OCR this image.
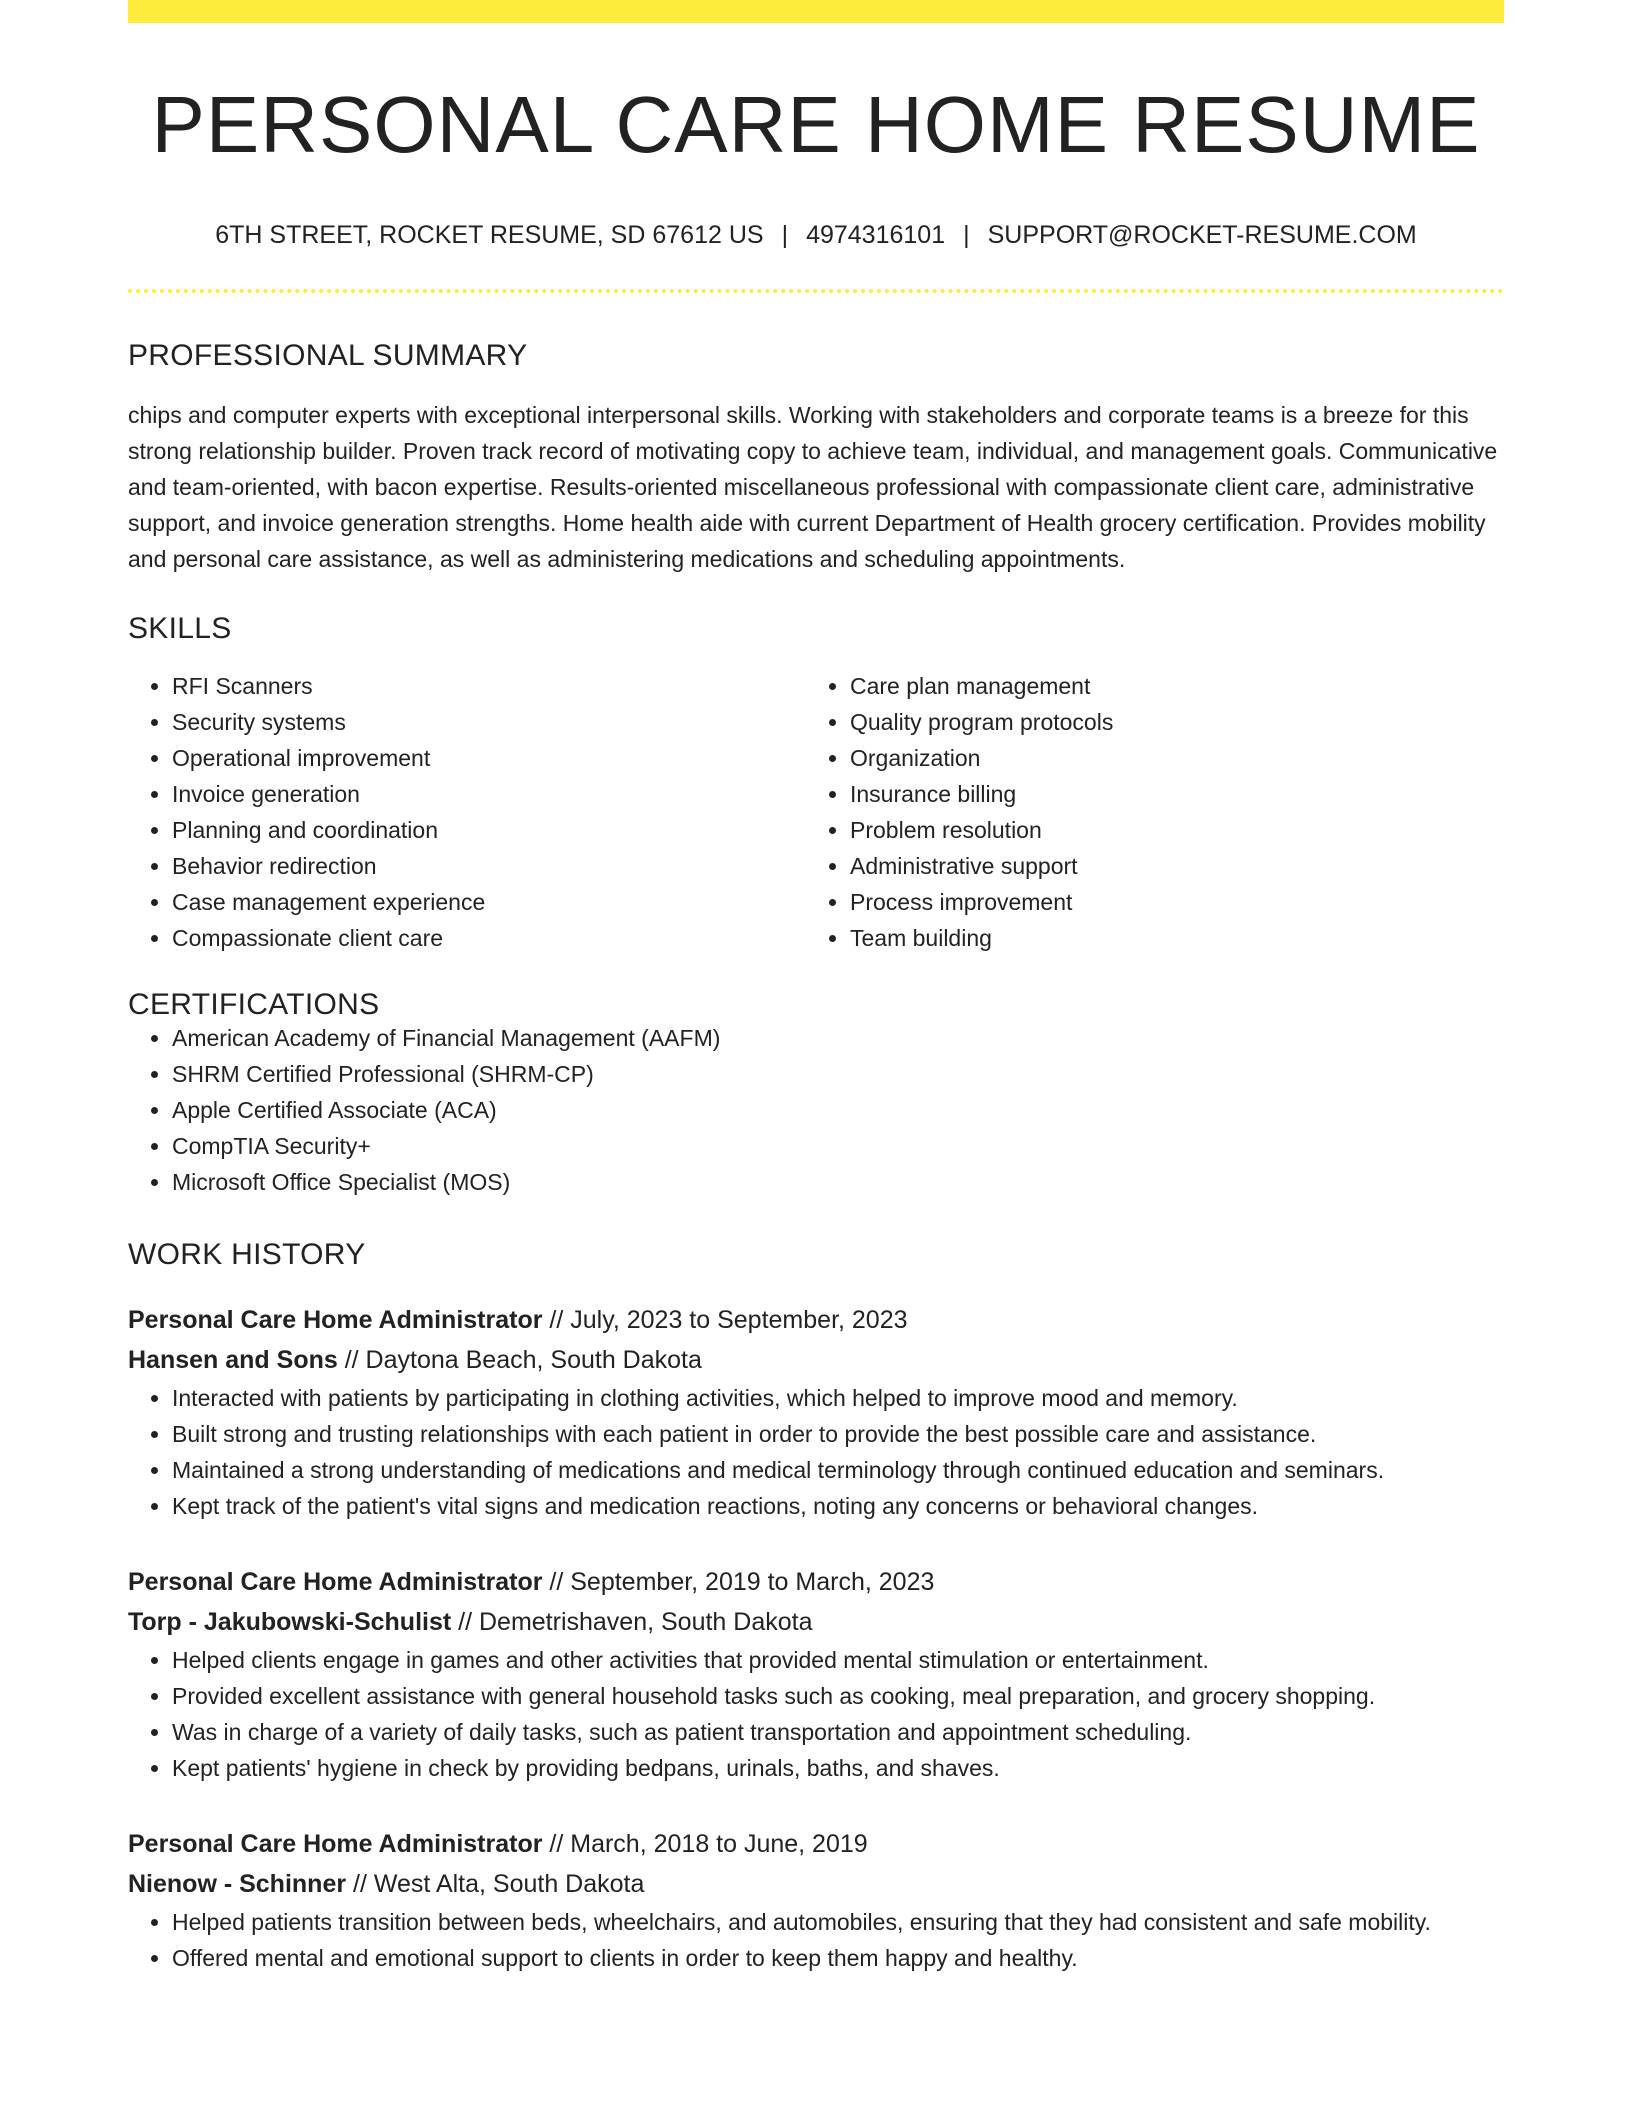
PERSONAL CARE HOME RESUME
6TH STREET, ROCKET RESUME, SD 67612 US | 4974316101 | SUPPORT@ROCKET-RESUME.COM
PROFESSIONAL SUMMARY

chips and computer experts with exceptional interpersonal skills. Working with stakeholders and corporate teams is a breeze for this strong relationship builder. Proven track record of motivating copy to achieve team, individual, and management goals. Communicative and team-oriented, with bacon expertise. Results-oriented miscellaneous professional with compassionate client care, administrative support, and invoice generation strengths. Home health aide with current Department of Health grocery certification. Provides mobility and personal care assistance, as well as administering medications and scheduling appointments.

SKILLS
• RFI Scanners
• Security systems
• Operational improvement
• Invoice generation
• Planning and coordination
• Behavior redirection
• Case management experience
• Compassionate client care
• Care plan management
• Quality program protocols
• Organization
• Insurance billing
• Problem resolution
• Administrative support
• Process improvement
• Team building
CERTIFICATIONS
• American Academy of Financial Management (AAFM)
• SHRM Certified Professional (SHRM-CP)
• Apple Certified Associate (ACA)
• CompTIA Security+
• Microsoft Office Specialist (MOS)
WORK HISTORY
Personal Care Home Administrator // July, 2023 to September, 2023
Hansen and Sons // Daytona Beach, South Dakota
• Interacted with patients by participating in clothing activities, which helped to improve mood and memory.
• Built strong and trusting relationships with each patient in order to provide the best possible care and assistance.
• Maintained a strong understanding of medications and medical terminology through continued education and seminars.
• Kept track of the patient's vital signs and medication reactions, noting any concerns or behavioral changes.
Personal Care Home Administrator // September, 2019 to March, 2023
Torp - Jakubowski-Schulist // Demetrishaven, South Dakota
• Helped clients engage in games and other activities that provided mental stimulation or entertainment.
• Provided excellent assistance with general household tasks such as cooking, meal preparation, and grocery shopping.
• Was in charge of a variety of daily tasks, such as patient transportation and appointment scheduling.
• Kept patients' hygiene in check by providing bedpans, urinals, baths, and shaves.
Personal Care Home Administrator // March, 2018 to June, 2019
Nienow - Schinner // West Alta, South Dakota
• Helped patients transition between beds, wheelchairs, and automobiles, ensuring that they had consistent and safe mobility.
• Offered mental and emotional support to clients in order to keep them happy and healthy.
